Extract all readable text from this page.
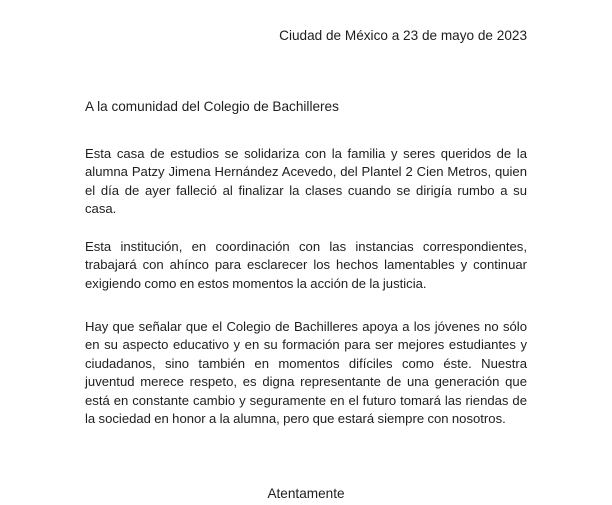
Ciudad de México a 23 de mayo de 2023
A la comunidad del Colegio de Bachilleres

Esta casa de estudios se solidariza con la familia y seres queridos de la alumna Patzy Jimena Hernández Acevedo, del Plantel 2 Cien Metros, quien el día de ayer falleció al finalizar la clases cuando se dirigía rumbo a su casa.

Esta institución, en coordinación con las instancias correspondientes, trabajará con ahínco para esclarecer los hechos lamentables y continuar exigiendo como en estos momentos la acción de la justicia.

Hay que señalar que el Colegio de Bachilleres apoya a los jóvenes no sólo en su aspecto educativo y en su formación para ser mejores estudiantes y ciudadanos, sino también en momentos difíciles como éste. Nuestra juventud merece respeto, es digna representante de una generación que está en constante cambio y seguramente en el futuro tomará las riendas de la sociedad en honor a la alumna, pero que estará siempre con nosotros.

Atentamente
